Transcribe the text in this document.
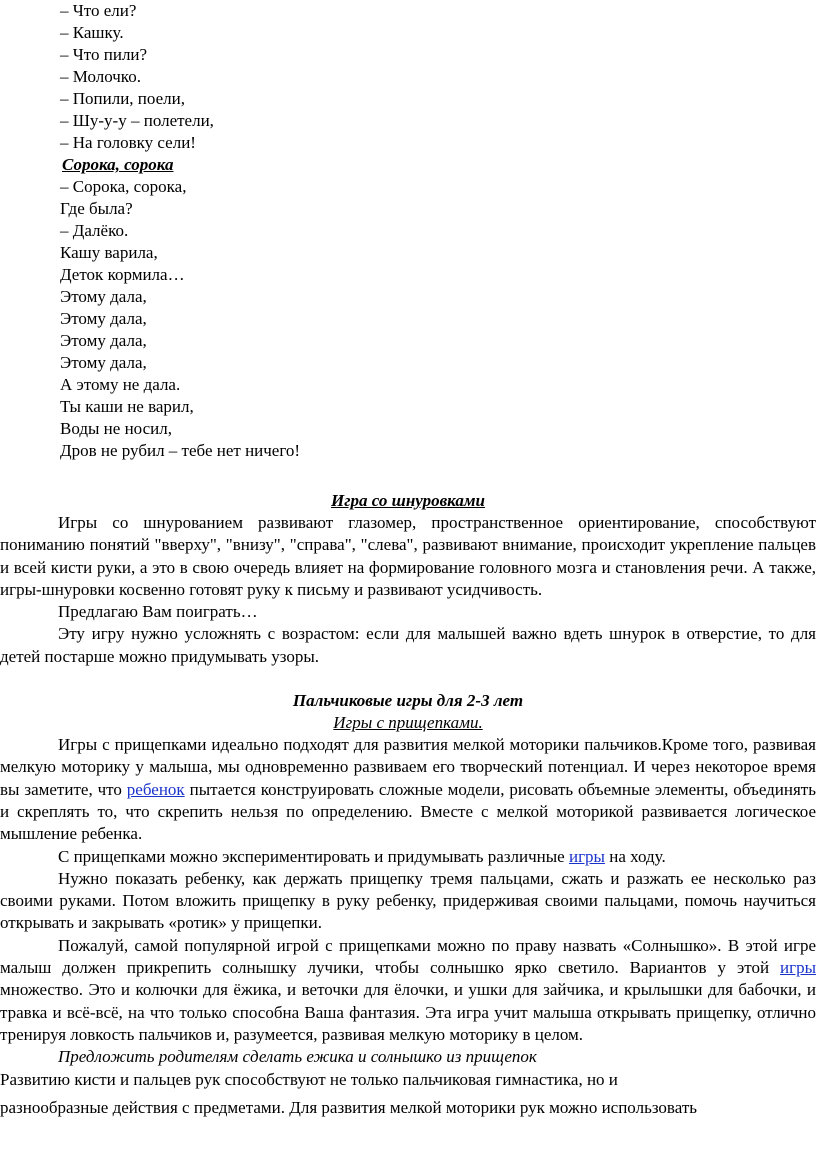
– Что ели?
– Кашку.
– Что пили?
– Молочко.
– Попили, поели,
– Шу-у-у – полетели,
– На головку сели!
Сорока, сорока
– Сорока, сорока,
Где была?
– Далёко.
Кашу варила,
Деток кормила…
Этому дала,
Этому дала,
Этому дала,
Этому дала,
А этому не дала.
Ты каши не варил,
Воды не носил,
Дров не рубил – тебе нет ничего!
Игра со шнуровками

Игры со шнурованием развивают глазомер, пространственное ориентирование, способствуют пониманию понятий "вверху", "внизу", "справа", "слева", развивают внимание, происходит укрепление пальцев и всей кисти руки, а это в свою очередь влияет на формирование головного мозга и становления речи. А также, игры-шнуровки косвенно готовят руку к письму и развивают усидчивость.

Предлагаю Вам поиграть…

Эту игру нужно усложнять с возрастом: если для малышей важно вдеть шнурок в отверстие, то для детей постарше можно придумывать узоры.

Пальчиковые игры для 2-3 лет
Игры с прищепками.

Игры с прищепками идеально подходят для развития мелкой моторики пальчиков.Кроме того, развивая мелкую моторику у малыша, мы одновременно развиваем его творческий потенциал. И через некоторое время вы заметите, что ребенок пытается конструировать сложные модели, рисовать объемные элементы, объединять и скреплять то, что скрепить нельзя по определению. Вместе с мелкой моторикой развивается логическое мышление ребенка.

С прищепками можно экспериментировать и придумывать различные игры на ходу.

Нужно показать ребенку, как держать прищепку тремя пальцами, сжать и разжать ее несколько раз своими руками. Потом вложить прищепку в руку ребенку, придерживая своими пальцами, помочь научиться открывать и закрывать «ротик» у прищепки.

Пожалуй, самой популярной игрой с прищепками можно по праву назвать «Солнышко». В этой игре малыш должен прикрепить солнышку лучики, чтобы солнышко ярко светило. Вариантов у этой игры множество. Это и колючки для ёжика, и веточки для ёлочки, и ушки для зайчика, и крылышки для бабочки, и травка и всё-всё, на что только способна Ваша фантазия. Эта игра учит малыша открывать прищепку, отлично тренируя ловкость пальчиков и, разумеется, развивая мелкую моторику в целом.

Предложить родителям сделать ежика и солнышко из прищепок

Развитию кисти и пальцев рук способствуют не только пальчиковая гимнастика, но и

разнообразные действия с предметами. Для развития мелкой моторики рук можно использовать
